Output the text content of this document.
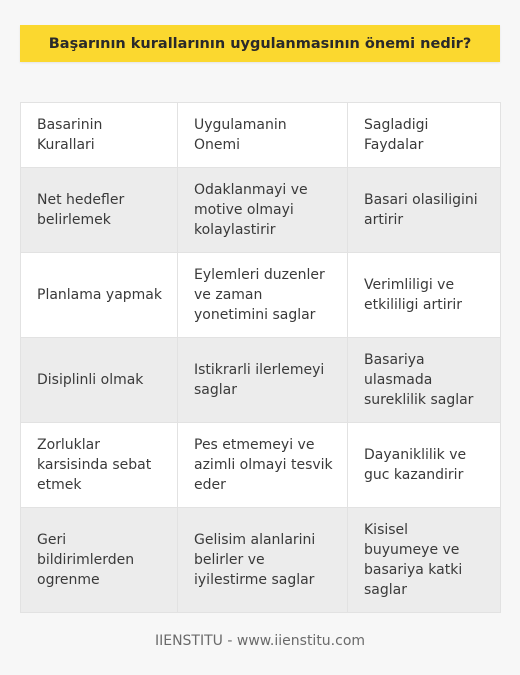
Başarının kurallarının uygulanmasının önemi nedir?
Basarinin Kurallari	Uygulamanin Onemi	Sagladigi Faydalar
Net hedefler belirlemek	Odaklanmayi ve motive olmayi kolaylastirir	Basari olasiligini artirir
Planlama yapmak	Eylemleri duzenler ve zaman yonetimini saglar	Verimliligi ve etkililigi artirir
Disiplinli olmak	Istikrarli ilerlemeyi saglar	Basariya ulasmada sureklilik saglar
Zorluklar karsisinda sebat etmek	Pes etmemeyi ve azimli olmayi tesvik eder	Dayaniklilik ve guc kazandirir
Geri bildirimlerden ogrenme	Gelisim alanlarini belirler ve iyilestirme saglar	Kisisel buyumeye ve basariya katki saglar
IIENSTITU - www.iienstitu.com
